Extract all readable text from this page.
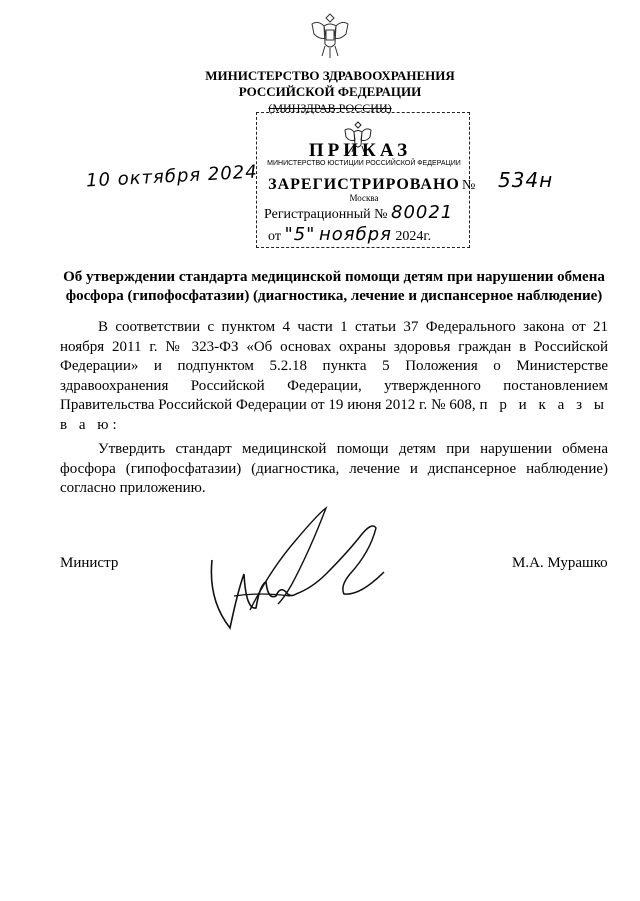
МИНИСТЕРСТВО ЗДРАВООХРАНЕНИЯ
РОССИЙСКОЙ ФЕДЕРАЦИИ
(МИНЗДРАВ РОССИИ)
ПРИКАЗ
МИНИСТЕРСТВО ЮСТИЦИИ РОССИЙСКОЙ ФЕДЕРАЦИИ
ЗАРЕГИСТРИРОВАНО
Москва
Регистрационный № 80021
от "5" ноября 2024г.
10 октября 2024	№ 534н
Об утверждении стандарта медицинской помощи детям при нарушении обмена фосфора (гипофосфатазии) (диагностика, лечение и диспансерное наблюдение)
В соответствии с пунктом 4 части 1 статьи 37 Федерального закона от 21 ноября 2011 г. № 323-ФЗ «Об основах охраны здоровья граждан в Российской Федерации» и подпунктом 5.2.18 пункта 5 Положения о Министерстве здравоохранения Российской Федерации, утвержденного постановлением Правительства Российской Федерации от 19 июня 2012 г. № 608, п р и к а з ы в а ю:
Утвердить стандарт медицинской помощи детям при нарушении обмена фосфора (гипофосфатазии) (диагностика, лечение и диспансерное наблюдение) согласно приложению.
Министр	М.А. Мурашко
